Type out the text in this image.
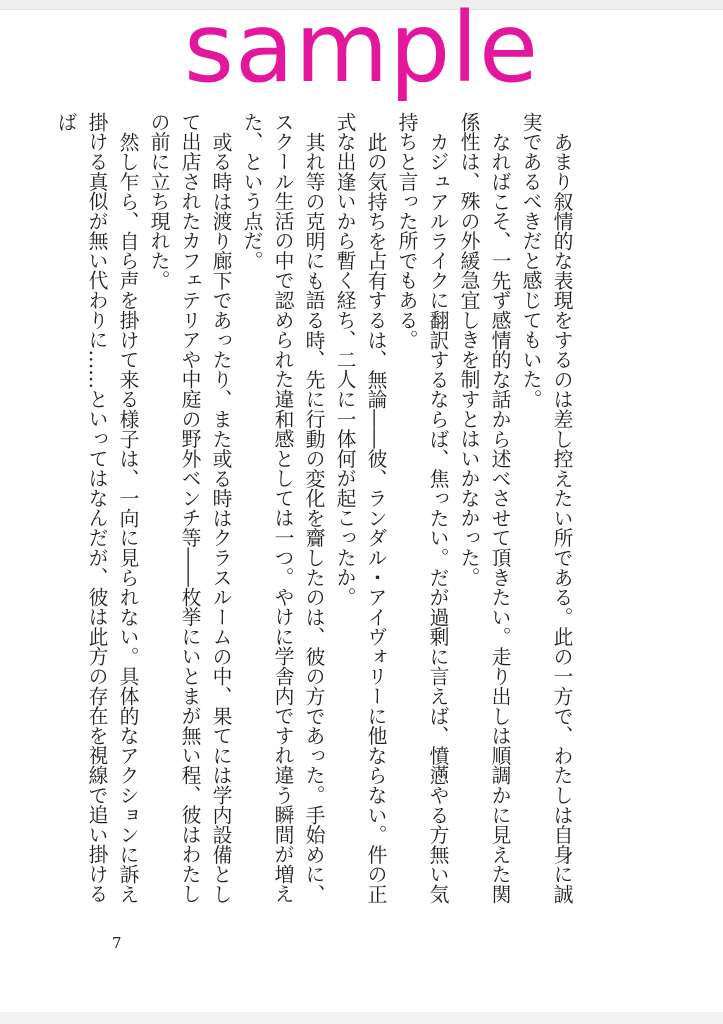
sample

あまり叙情的な表現をするのは差し控えたい所である。此の一方で、わたしは自身に誠実であるべきだと感じてもいた。

なればこそ、一先ず感情的な話から述べさせて頂きたい。走り出しは順調かに見えた関係性は、殊の外緩急宜しきを制すとはいかなかった。

カジュアルライクに翻訳するならば、焦ったい。だが過剰に言えば、憤懣やる方無い気持ちと言った所でもある。

此の気持ちを占有するは、無論――彼、ランダル・アイヴォリーに他ならない。件の正式な出逢いから暫く経ち、二人に一体何が起こったか。

其れ等の克明にも語る時、先に行動の変化を齎したのは、彼の方であった。手始めに、スクール生活の中で認められた違和感としては一つ。やけに学舎内ですれ違う瞬間が増えた、という点だ。

或る時は渡り廊下であったり、また或る時はクラスルームの中、果てには学内設備として出店されたカフェテリアや中庭の野外ベンチ等――枚挙にいとまが無い程、彼はわたしの前に立ち現れた。

然し乍ら、自ら声を掛けて来る様子は、一向に見られない。具体的なアクションに訴え掛ける真似が無い代わりに……といってはなんだが、彼は此方の存在を視線で追い掛けるば

7
